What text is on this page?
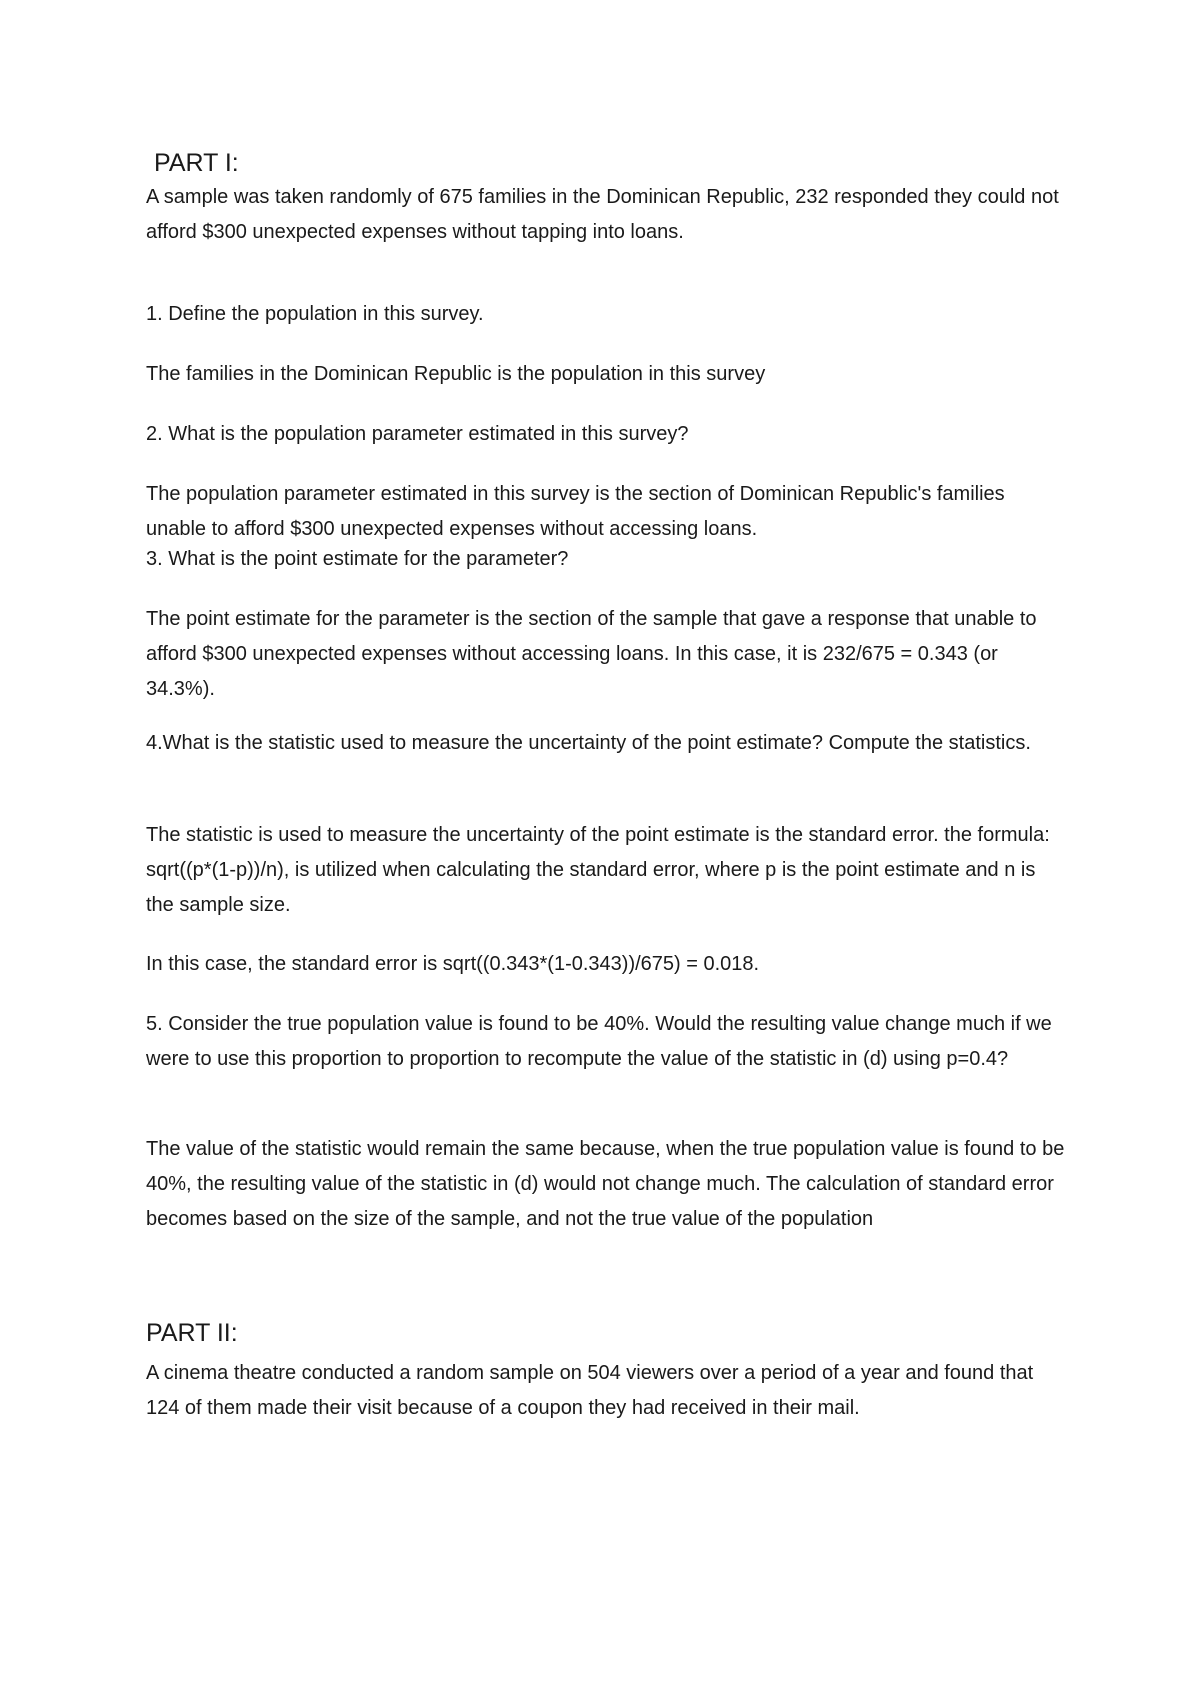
PART I:

A sample was taken randomly of 675 families in the Dominican Republic, 232 responded they could not afford $300 unexpected expenses without tapping into loans.

1. Define the population in this survey.

The families in the Dominican Republic is the population in this survey

2. What is the population parameter estimated in this survey?

The population parameter estimated in this survey is the section of Dominican Republic's families unable to afford $300 unexpected expenses without accessing loans.

3. What is the point estimate for the parameter?

The point estimate for the parameter is the section of the sample that gave a response that unable to afford $300 unexpected expenses without accessing loans. In this case, it is 232/675 = 0.343 (or 34.3%).

4.What is the statistic used to measure the uncertainty of the point estimate? Compute the statistics.

The statistic is used to measure the uncertainty of the point estimate is the standard error. the formula: sqrt((p*(1-p))/n), is utilized when calculating the standard error, where p is the point estimate and n is the sample size.

In this case, the standard error is sqrt((0.343*(1-0.343))/675) = 0.018.

5. Consider the true population value is found to be 40%. Would the resulting value change much if we were to use this proportion to proportion to recompute the value of the statistic in (d) using p=0.4?

The value of the statistic would remain the same because, when the true population value is found to be 40%, the resulting value of the statistic in (d) would not change much. The calculation of standard error becomes based on the size of the sample, and not the true value of the population

PART II:

A cinema theatre conducted a random sample on 504 viewers over a period of a year and found that 124 of them made their visit because of a coupon they had received in their mail.
